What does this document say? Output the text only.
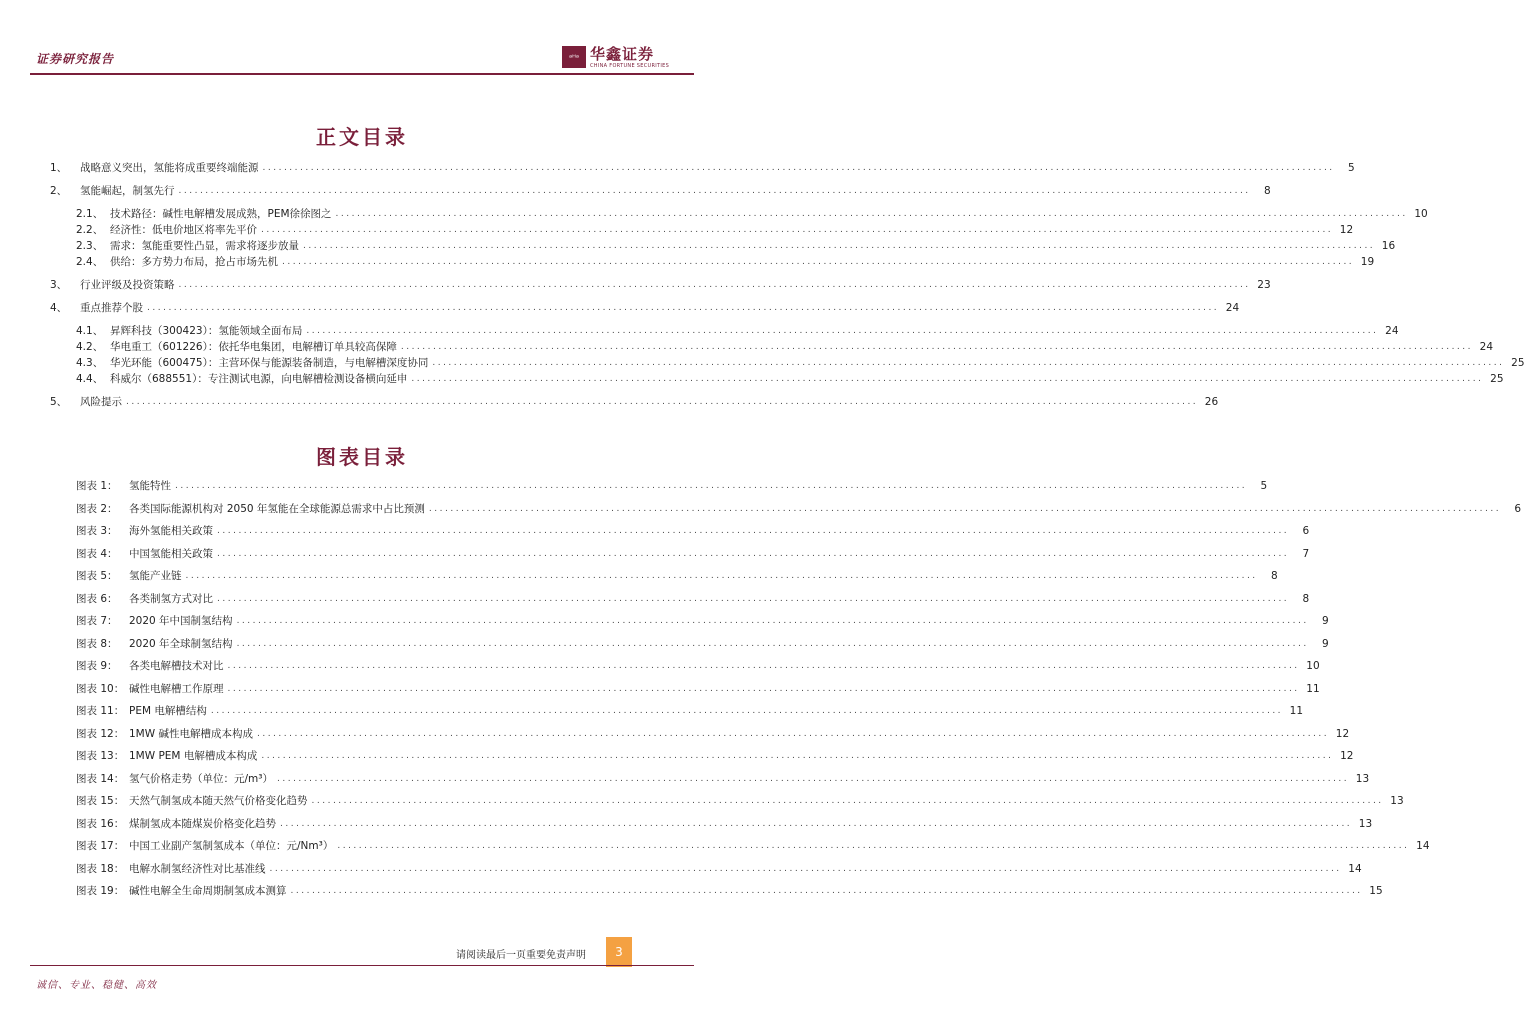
证券研究报告	ᵃᴴᵃ 华鑫证券
CHINA FORTUNE SECURITIES
正文目录
1、	战略意义突出，氢能将成重要终端能源 ........................................................................................................................................................................................................	5
2、	氢能崛起，制氢先行 ........................................................................................................................................................................................................	8
2.1、 技术路径：碱性电解槽发展成熟，PEM徐徐图之 ........................................................................................................................................................................................................ 10
2.2、 经济性：低电价地区将率先平价 ........................................................................................................................................................................................................ 12
2.3、 需求：氢能重要性凸显，需求将逐步放量 ........................................................................................................................................................................................................ 16
2.4、 供给：多方势力布局，抢占市场先机 ........................................................................................................................................................................................................ 19
3、	行业评级及投资策略 ........................................................................................................................................................................................................ 23
4、	重点推荐个股 ........................................................................................................................................................................................................ 24
4.1、 昇辉科技（300423）：氢能领域全面布局 ........................................................................................................................................................................................................ 24
4.2、 华电重工（601226）：依托华电集团，电解槽订单具较高保障 ........................................................................................................................................................................................................ 24
4.3、 华光环能（600475）：主营环保与能源装备制造，与电解槽深度协同 ........................................................................................................................................................................................................ 25
4.4、 科威尔（688551）：专注测试电源，向电解槽检测设备横向延申 ........................................................................................................................................................................................................ 25
5、	风险提示 ........................................................................................................................................................................................................ 26
图表目录
图表 1：	氢能特性 ........................................................................................................................................................................................................	5
图表 2：	各类国际能源机构对 2050 年氢能在全球能源总需求中占比预测 ........................................................................................................................................................................................................	6
图表 3：	海外氢能相关政策 ........................................................................................................................................................................................................	6
图表 4：	中国氢能相关政策 ........................................................................................................................................................................................................	7
图表 5：	氢能产业链 ........................................................................................................................................................................................................	8
图表 6：	各类制氢方式对比 ........................................................................................................................................................................................................	8
图表 7：	2020 年中国制氢结构 ........................................................................................................................................................................................................	9
图表 8：	2020 年全球制氢结构 ........................................................................................................................................................................................................	9
图表 9：	各类电解槽技术对比 ........................................................................................................................................................................................................ 10
图表 10： 碱性电解槽工作原理 ........................................................................................................................................................................................................ 11
图表 11： PEM 电解槽结构 ........................................................................................................................................................................................................ 11
图表 12： 1MW 碱性电解槽成本构成 ........................................................................................................................................................................................................ 12
图表 13： 1MW PEM 电解槽成本构成 ........................................................................................................................................................................................................ 12
图表 14： 氢气价格走势（单位：元/m³） ........................................................................................................................................................................................................ 13
图表 15： 天然气制氢成本随天然气价格变化趋势 ........................................................................................................................................................................................................ 13
图表 16： 煤制氢成本随煤炭价格变化趋势 ........................................................................................................................................................................................................ 13
图表 17： 中国工业副产氢制氢成本（单位：元/Nm³） ........................................................................................................................................................................................................ 14
图表 18： 电解水制氢经济性对比基准线 ........................................................................................................................................................................................................ 14
图表 19： 碱性电解全生命周期制氢成本测算 ........................................................................................................................................................................................................ 15
请阅读最后一页重要免责声明	3
诚信、专业、稳健、高效
